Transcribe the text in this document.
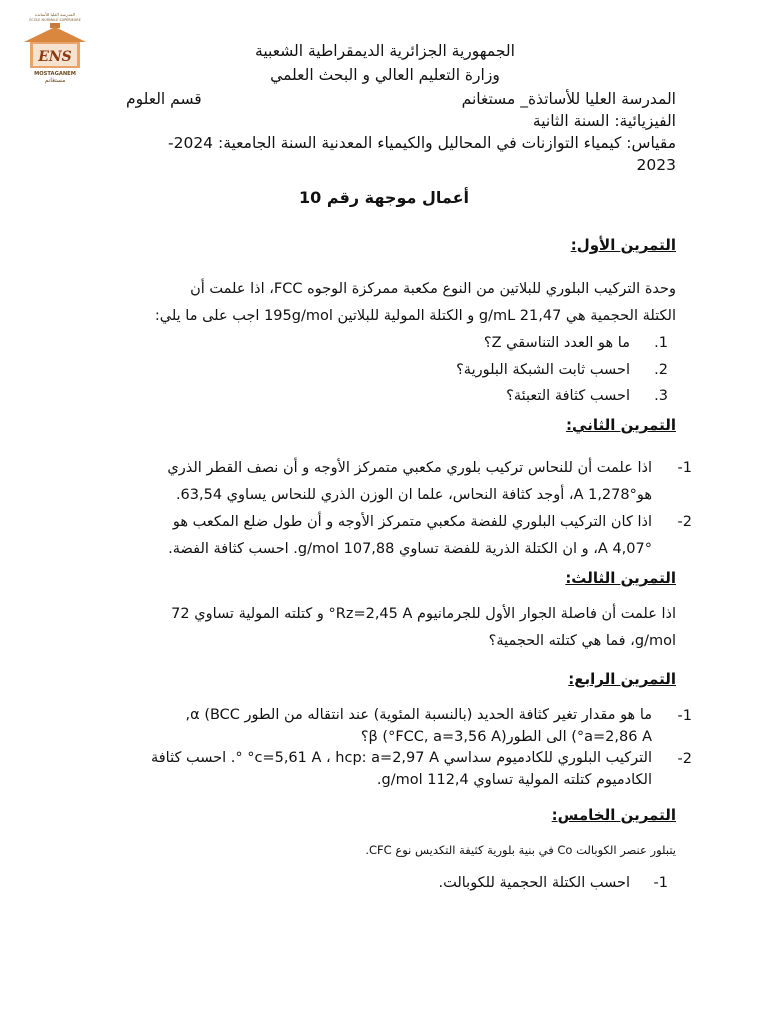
المدرسة العليا للأساتذة
ÉCOLE NORMALE SUPÉRIEURE
ENS
MOSTAGANEM
مستغانم
الجمهورية الجزائرية الديمقراطية الشعبية
وزارة التعليم العالي و البحث العلمي
المدرسة العليا للأساتذة_ مستغانم
قسم العلوم
الفيزيائية: السنة الثانية
مقياس: كيمياء التوازنات في المحاليل والكيمياء المعدنية السنة الجامعية: 2024-
2023
أعمال موجهة رقم 10
التمرين الأول:
وحدة التركيب البلوري للبلاتين من النوع مكعبة ممركزة الوجوه FCC، اذا علمت أن
الكتلة الحجمية هي g/mL 21,47 و الكتلة المولية للبلاتين 195g/mol اجب على ما يلي:
1.
ما هو العدد التناسقي Z؟
2.
احسب ثابت الشبكة البلورية؟
3.
احسب كثافة التعبئة؟
التمرين الثاني:
1-
اذا علمت أن للنحاس تركيب بلوري مكعبي متمركز الأوجه و أن نصف القطر الذري
هوA 1,278°، أوجد كثافة النحاس، علما ان الوزن الذري للنحاس يساوي 63,54.
2-
اذا كان التركيب البلوري للفضة مكعبي متمركز الأوجه و أن طول ضلع المكعب هو
A 4,07°، و ان الكتلة الذرية للفضة تساوي g/mol 107,88. احسب كثافة الفضة.
التمرين الثالث:
اذا علمت أن فاصلة الجوار الأول للجرمانيوم Rz=2,45 A° و كتلته المولية تساوي 72
g/mol، فما هي كتلته الحجمية؟
التمرين الرابع:
1-
ما هو مقدار تغير كثافة الحديد (بالنسبة المئوية) عند انتقاله من الطور α (BCC,
a=2,86 A°) الى الطور(FCC, a=3,56 A°) β؟
2-
التركيب البلوري للكادميوم سداسي c=5,61 A ، hcp: a=2,97 A° °. احسب كثافة
الكادميوم كتلته المولية تساوي g/mol 112,4.
التمرين الخامس:
يتبلور عنصر الكوبالت Co في بنية بلورية كثيفة التكديس نوع CFC.
1-
احسب الكتلة الحجمية للكوبالت.
